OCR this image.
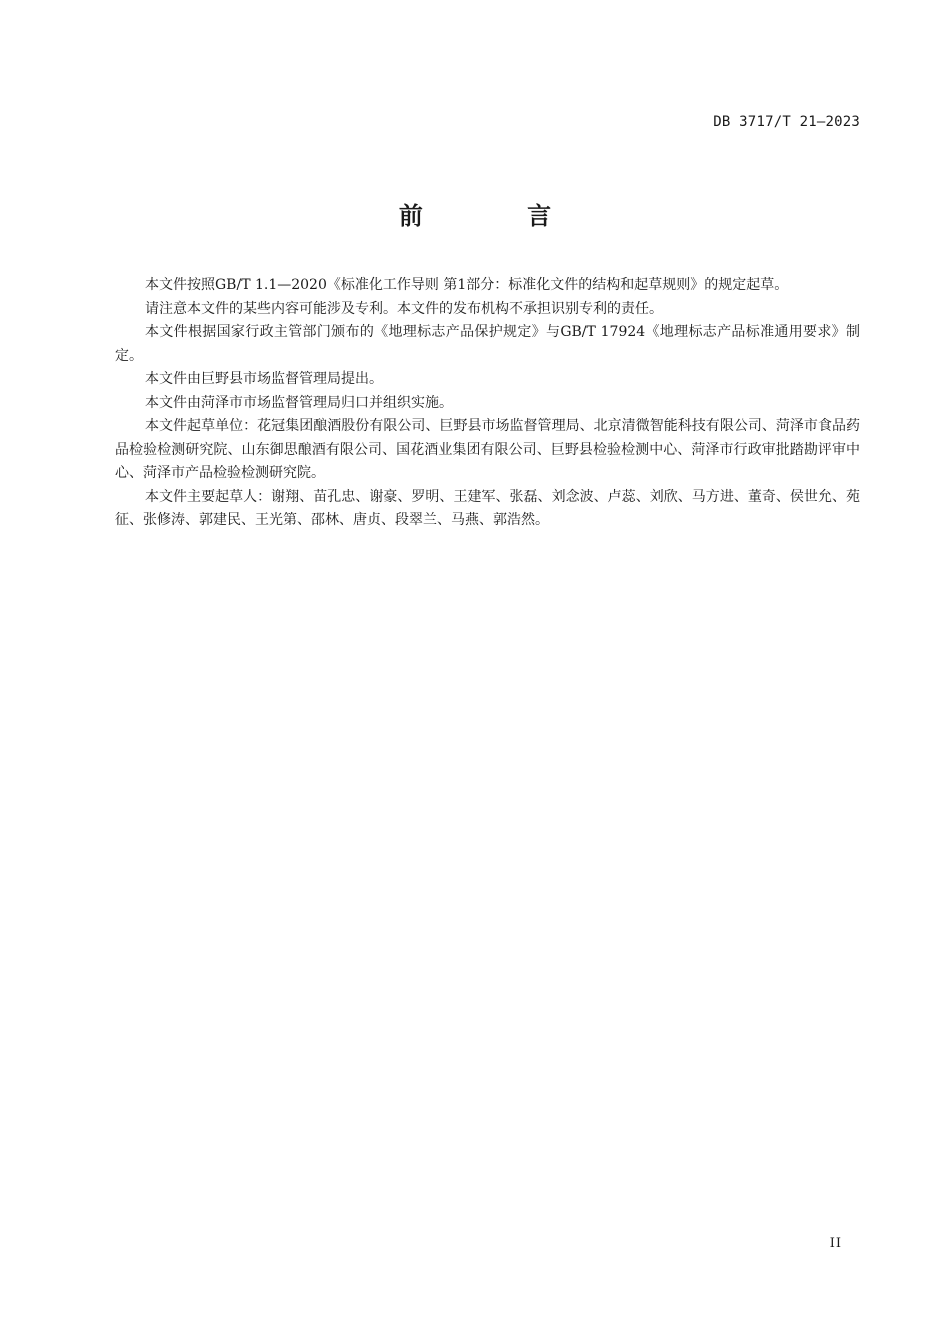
DB 3717/T 21—2023
前 言

本文件按照GB/T 1.1—2020《标准化工作导则 第1部分：标准化文件的结构和起草规则》的规定起草。

请注意本文件的某些内容可能涉及专利。本文件的发布机构不承担识别专利的责任。

本文件根据国家行政主管部门颁布的《地理标志产品保护规定》与GB/T 17924《地理标志产品标准通用要求》制定。

本文件由巨野县市场监督管理局提出。

本文件由菏泽市市场监督管理局归口并组织实施。

本文件起草单位：花冠集团酿酒股份有限公司、巨野县市场监督管理局、北京清微智能科技有限公司、菏泽市食品药品检验检测研究院、山东御思酿酒有限公司、国花酒业集团有限公司、巨野县检验检测中心、菏泽市行政审批踏勘评审中心、菏泽市产品检验检测研究院。

本文件主要起草人：谢翔、苗孔忠、谢豪、罗明、王建军、张磊、刘念波、卢蕊、刘欣、马方进、董奇、侯世允、苑征、张修涛、郭建民、王光第、邵林、唐贞、段翠兰、马燕、郭浩然。

II
